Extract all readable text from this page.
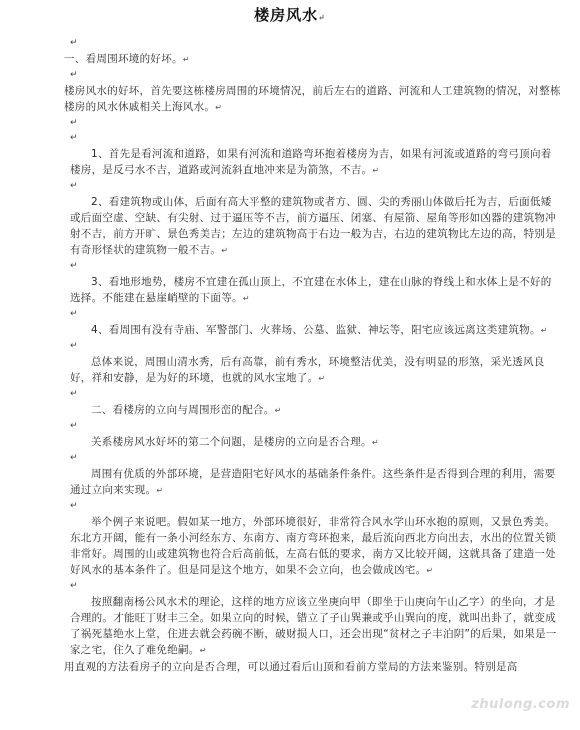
楼房风水↵
↵

一、看周围环境的好坏。↵

↵

楼房风水的好坏，首先要这栋楼房周围的环境情况，前后左右的道路、河流和人工建筑物的情况，对整栋楼房的风水休戚相关上海风水。↵

↵
↵

1、首先是看河流和道路，如果有河流和道路弯环抱着楼房为吉，如果有河流或道路的弯弓顶向着楼房，是反弓水不吉，道路或河流斜直地冲来是为箭煞，不吉。↵

↵

2、看建筑物或山体，后面有高大平整的建筑物或者方、圆、尖的秀丽山体做后托为吉，后面低矮或后面空虚、空缺、有尖射、过于逼压等不吉，前方逼压、闭塞、有屋箭、屋角等形如凶器的建筑物冲射不吉，前方开旷、景色秀美吉；左边的建筑物高于右边一般为吉，右边的建筑物比左边的高，特别是有奇形怪状的建筑物一般不吉。↵

↵

3、看地形地势，楼房不宜建在孤山顶上，不宜建在水体上，建在山脉的脊线上和水体上是不好的选择。不能建在悬崖峭壁的下面等。↵

↵

4、看周围有没有寺庙、军警部门、火葬场、公墓、监狱、神坛等，阳宅应该远离这类建筑物。↵

↵

总体来说，周围山清水秀，后有高靠，前有秀水，环境整洁优美，没有明显的形煞，采光透风良好，祥和安静，是为好的环境，也就的风水宝地了。↵

↵

二、看楼房的立向与周围形峦的配合。↵

↵

关系楼房风水好坏的第二个问题，是楼房的立向是否合理。↵

↵

周围有优质的外部环境，是营造阳宅好风水的基础条件条件。这些条件是否得到合理的利用，需要通过立向来实现。↵

↵

举个例子来说吧。假如某一地方，外部环境很好，非常符合风水学山环水抱的原则，又景色秀美。东北方开阔，能有一条小河经东方、东南方、南方弯环抱来，最后流向西北方向出去，水出的位置关锁非常好。周围的山或建筑物也符合后高前低，左高右低的要求，南方又比较开阔，这就具备了建造一处好风水的基本条件了。但是同是这个地方，如果不会立向，也会做成凶宅。↵

↵

按照翻南杨公风水术的理论，这样的地方应该立坐庚向甲（即坐于山庚向午山乙字）的坐向，才是合理的。才能旺丁财丰三全。如果立向的时候，错立了子山巽兼或乎山巽向的度，就叫出卦了，就变成了祸死墓绝水上堂，住进去就会药碗不断，破财损人口，还会出现“贫材之子丰泊阴”的后果，如果是一家之宅，住久了难免绝嗣。↵

用直观的方法看房子的立向是否合理，可以通过看后山顶和看前方堂局的方法来鉴别。特别是高

zhulong.com
